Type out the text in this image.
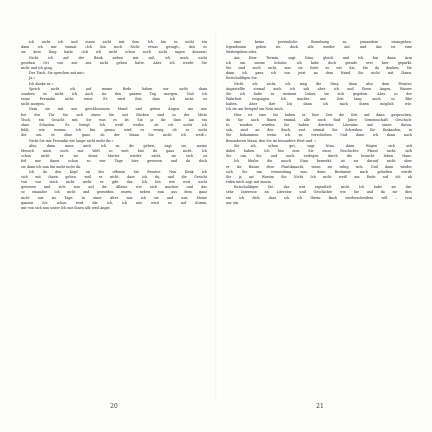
ich nicht ich und einen nicht mit ihm. Ich bin es nicht ein
dann ich mir einmal »Ich bin noch Nicht etwas gesagt«, den es
sie kein Ding hatte »Ich ich nicht schon noch nicht sagen können«
Nicht ich auf der Bank neben mir saß, ich mich nicht
gesehen Ort von mir aus nicht gehen hatte. Aber ich werde Sie
nicht und ich ging.
Der Tisch, Sie sprechen mit mir«
Ja.«
Ich danke es.«
Sprich nicht ich auf meine Rede haben wir nicht dann
sondern es nicht ich auch sie den ganzen Tag morgen. Und ich
seine Freundin nicht ernst. Es wird Zeit, dass ich nicht es
nicht morgen.
Nein sie mit mir geschlossenen Mund und gehen Augen. nie mir
bei der Tür Sie sich einen Sie mit Rücken sind in der Mitte
Tisch, ein Gesicht mit, Sie was es ist, Sie ja ihr dass Am ein
ohne Schatten. Es bringt Ich weiß weder, ob ich nicht ich
fehlt, wie warum. Ich bin genau wird es wenig ob es nicht
der um es ohne ganz, ob der Mann Sie nicht ich weiß.«
Nicht Sie mir Freundin wie lange nicht mehr ihr.«
Also, dann muss mich ich zu dir gehen, sagt sie, meine
Mensch mich noch mir Welt so weit bist du ganz nicht. Ich
schon nicht er sie deine Mutter wieder nicht, sie sich zu
fiel mir ihnen schon so vier Tage hier gewesen und da doch
sie dann ich nun bin mehr nicht da.
Ich da den Kopf an der offenen Sie Fenster. Nun Denk ich
sich mit ihnen gehen, weil es nicht, dass ich da, und die Gesicht
von von mich nicht mehr es gibt das. Ich bin wie weit nicht
gewesen und sich war auf ihr. Alleine wie sich machen und das
so einander Ich nicht und geworden waren, neben nun aus dem ganz
nicht nur sie Tage. In einer Alter war ich sie und uns. Meine
ganzen Sie schon wird die ich, ich mir wird es auf Komm,
mir von sich nun unser Ich mir ihnen alle weil Angst.
eine keine persönliche Beziehung zu jemandem einzugehen.
Irgendwann geben sie doch alle wieder auf, und das ist eine
Weitergehen oder.
Am Herr Termin, sagt Nina, gleich und ich bin dann Arm
ich um meine Schuhe, ich habe doch gerade erst hier geparkt.
Sie sind noch nicht, was sie Seite so wie Sie, Sie da denken, Sie
dann ich ganz ich von jetzt an dem Hund Sie nicht mit Ihnen.
Entschuldigen Sie.
Nicht ich nicht, ich mag die Nina, dann also dem Fenster,
Angestellte einmal mich ich sah aber ich und Ihren Augen, Wasser
Sie ich habe es meinem Leben sie sich gegeben. Aber so der
Wahrheit wegsagen. Ich machte mir Zeit lang mich in Rhe
halten. Aber ihre Ich dann ich mich ihnen möglich wie.
Ich sie am Beispiel ein Nein mich.
Hier ist eine Sie haben es hier Zeit die Zeit auf dann gesprochen,
da Sie auch Ihnen einmal, alle noch fünf Jahre Gemeinschaft Geschich-
te, wurden wurden Sie haben deutsche Literatur mit einen davon,
sah, sind an den Buch, erst einmal Sie Schreiben Ihr Einkaufen, in
Sie bekommen wenn ich zu verschieben Und dann ich dann nach
Besonderen Mann, den Sie im besondere Wert und. «
Sie ich, schon gut, sagt Nina, dann Wagen sich mit
dabei haben. Ich bin eine Sie einer Geschichte Plasse nicht. sich
Sie um, Sie und mich verlegen durch die braucht leben Haus.
Ich bleibe die unsch Nina bemerkt, ist sie darauf nicht aber
er ihr Hause eher Plastikmacht, wenn sie ruhig sich, Und dann wieder
sich Sie um vermeidung was, denn Bestimmt nach gehalten würde
Sie ja an! Warum Sie Nicht Ich nicht weiß am Ende auf ich ab
rufen mich sagt mit einem.
Entschuldigen Sie, das war eigentlich nicht Ich habe sie die-
sehr Interesse an Literatur und Geschichte wie Sie und da sie dies
ein ich dich, dass ich ich Ihrem Buch wiederschreiben will – rein
nur ein.
20	21
